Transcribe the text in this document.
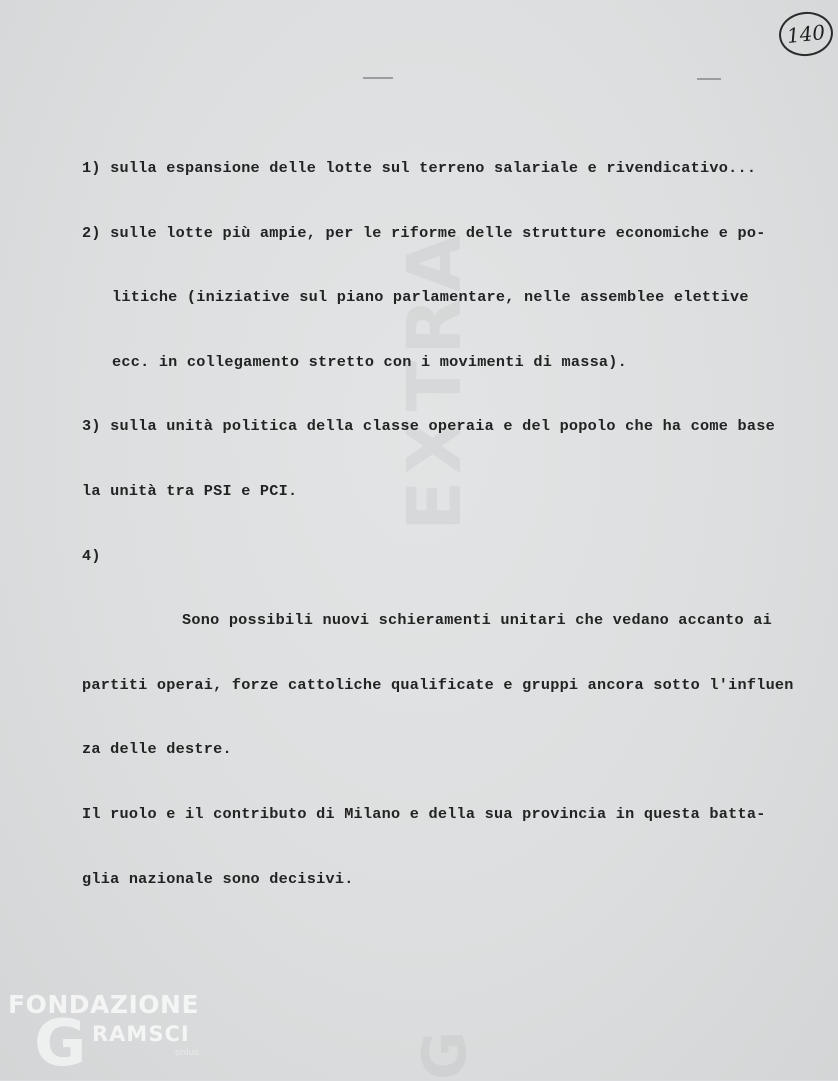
EXTRA
G
140

1) sulla espansione delle lotte sul terreno salariale e rivendicativo...

2) sulle lotte più ampie, per le riforme delle strutture economiche e po-

litiche (iniziative sul piano parlamentare, nelle assemblee elettive

ecc. in collegamento stretto con i movimenti di massa).

3) sulla unità politica della classe operaia e del popolo che ha come base

la unità tra PSI e PCI.

4)

Sono possibili nuovi schieramenti unitari che vedano accanto ai

partiti operai, forze cattoliche qualificate e gruppi ancora sotto l'influen

za delle destre.

Il ruolo e il contributo di Milano e della sua provincia in questa batta-

glia nazionale sono decisivi.

FONDAZIONE
G RAMSCI
onlus
